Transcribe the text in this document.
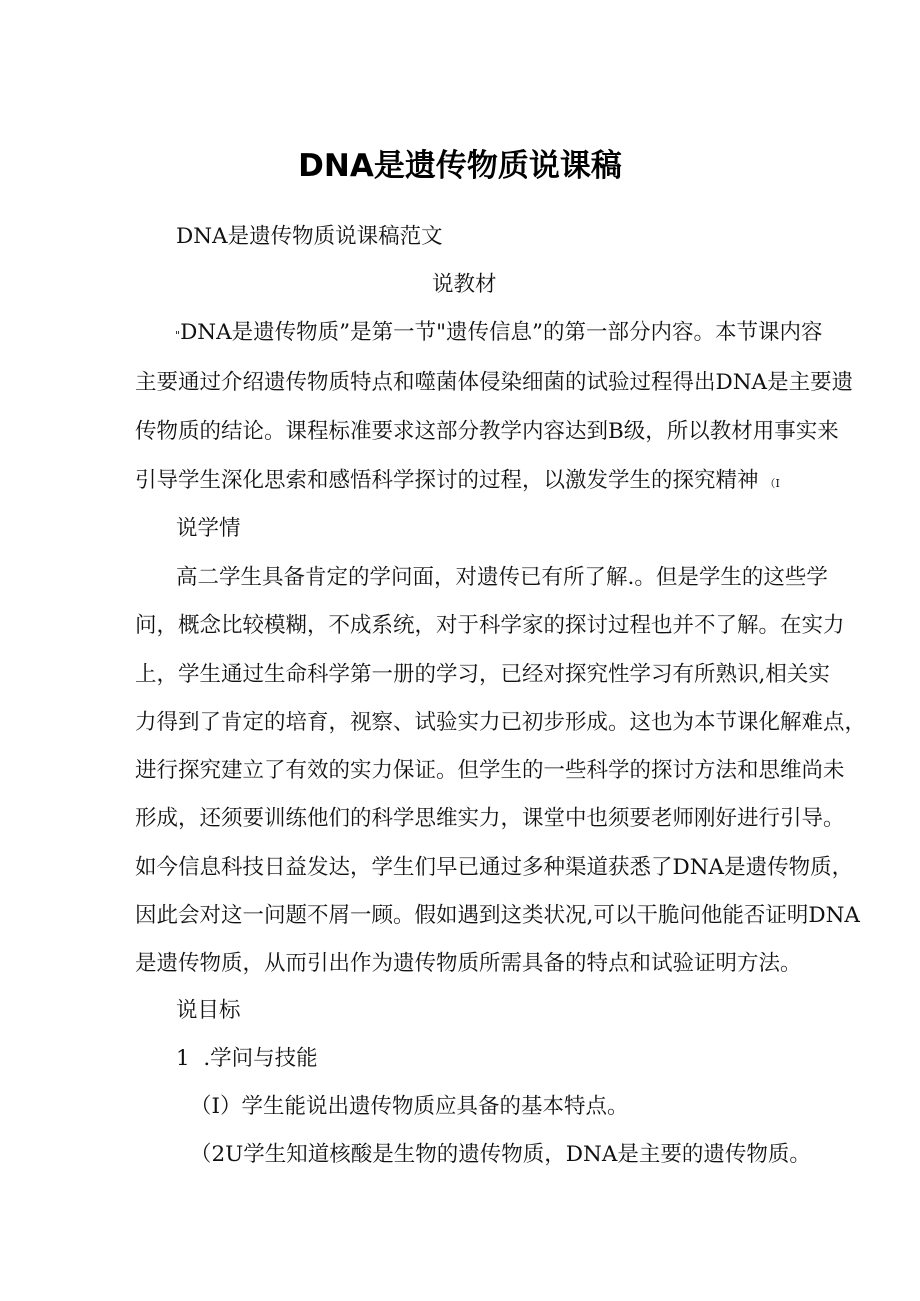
DNA是遗传物质说课稿
DNA是遗传物质说课稿范文
说教材
"DNA是遗传物质”是第一节"遗传信息”的第一部分内容。本节课内容
主要通过介绍遗传物质特点和噬菌体侵染细菌的试验过程得出DNA是主要遗
传物质的结论。课程标准要求这部分教学内容达到B级，所以教材用事实来
引导学生深化思索和感悟科学探讨的过程，以激发学生的探究精神 （I
说学情
高二学生具备肯定的学问面，对遗传已有所了解.。但是学生的这些学
问，概念比较模糊，不成系统，对于科学家的探讨过程也并不了解。在实力
上，学生通过生命科学第一册的学习，已经对探究性学习有所熟识,相关实
力得到了肯定的培育，视察、试验实力已初步形成。这也为本节课化解难点，
进行探究建立了有效的实力保证。但学生的一些科学的探讨方法和思维尚未
形成，还须要训练他们的科学思维实力，课堂中也须要老师刚好进行引导。
如今信息科技日益发达，学生们早已通过多种渠道获悉了DNA是遗传物质，
因此会对这一问题不屑一顾。假如遇到这类状况,可以干脆问他能否证明DNA
是遗传物质，从而引出作为遗传物质所需具备的特点和试验证明方法。
说目标
1  .学问与技能
（I）学生能说出遗传物质应具备的基本特点。
（2U学生知道核酸是生物的遗传物质，DNA是主要的遗传物质。
